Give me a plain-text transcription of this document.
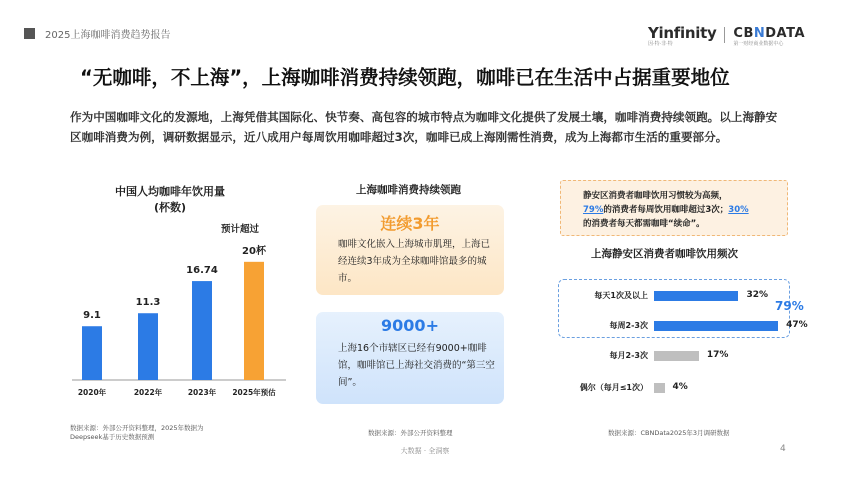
2025上海咖啡消费趋势报告	Yinfinity
因·特·非·特
CBNDATA
第一财经商业数据中心
“无咖啡，不上海”，上海咖啡消费持续领跑，咖啡已在生活中占据重要地位
作为中国咖啡文化的发源地，上海凭借其国际化、快节奏、高包容的城市特点为咖啡文化提供了发展土壤，咖啡消费持续领跑。以上海静安区咖啡消费为例，调研数据显示，近八成用户每周饮用咖啡超过3次，咖啡已成上海刚需性消费，成为上海都市生活的重要部分。
中国人均咖啡年饮用量
(杯数)
预计超过
9.1
2020年
11.3
2022年
16.74
2023年
20杯
2025年预估
数据来源：外部公开资料整理，2025年数据为Deepseek基于历史数据预测
上海咖啡消费持续领跑
连续3年
咖啡文化嵌入上海城市肌理，上海已经连续3年成为全球咖啡馆最多的城市。
9000+
上海16个市辖区已经有9000+咖啡馆，咖啡馆已上海社交消费的“第三空间”。
数据来源：外部公开资料整理
静安区消费者咖啡饮用习惯较为高频，
79%的消费者每周饮用咖啡超过3次；30%
的消费者每天都需咖啡“续命”。
上海静安区消费者咖啡饮用频次
每天1次及以上	32%
每周2-3次	47%
每月2-3次	17%
偶尔（每月≤1次）	4%
79%
数据来源：CBNData2025年3月调研数据
大数据 · 全洞察	4
